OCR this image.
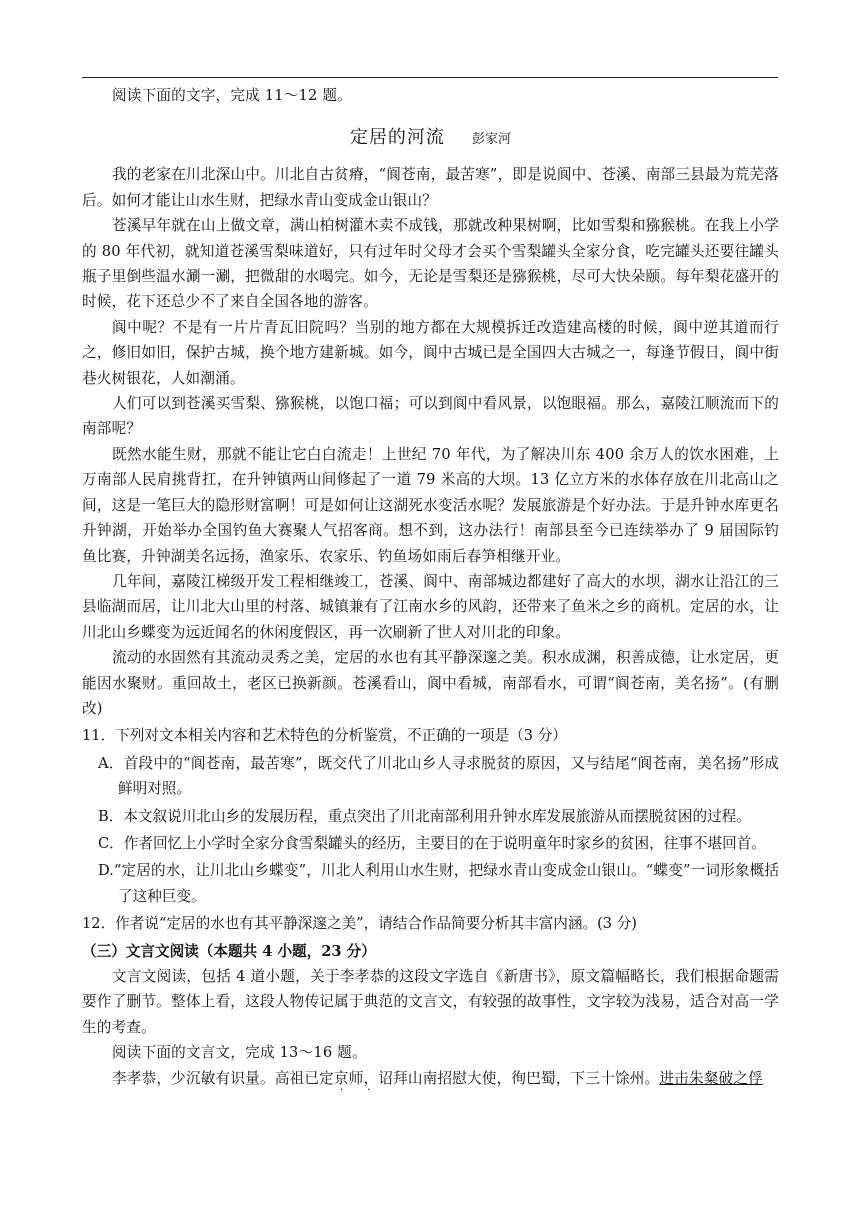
阅读下面的文字，完成 11～12 题。

定居的河流 彭家河

我的老家在川北深山中。川北自古贫瘠，“阆苍南，最苦寒”，即是说阆中、苍溪、南部三县最为荒芜落后。如何才能让山水生财，把绿水青山变成金山银山？

苍溪早年就在山上做文章，满山柏树灌木卖不成钱，那就改种果树啊，比如雪梨和猕猴桃。在我上小学的 80 年代初，就知道苍溪雪梨味道好，只有过年时父母才会买个雪梨罐头全家分食，吃完罐头还要往罐头瓶子里倒些温水涮一涮，把微甜的水喝完。如今，无论是雪梨还是猕猴桃，尽可大快朵颐。每年梨花盛开的时候，花下还总少不了来自全国各地的游客。

阆中呢？不是有一片片青瓦旧院吗？当别的地方都在大规模拆迁改造建高楼的时候，阆中逆其道而行之，修旧如旧，保护古城，换个地方建新城。如今，阆中古城已是全国四大古城之一，每逢节假日，阆中街巷火树银花，人如潮涌。

人们可以到苍溪买雪梨、猕猴桃，以饱口福；可以到阆中看风景，以饱眼福。那么，嘉陵江顺流而下的南部呢？

既然水能生财，那就不能让它白白流走！上世纪 70 年代，为了解决川东 400 余万人的饮水困难，上万南部人民肩挑背扛，在升钟镇两山间修起了一道 79 米高的大坝。13 亿立方米的水体存放在川北高山之间，这是一笔巨大的隐形财富啊！可是如何让这湖死水变活水呢？发展旅游是个好办法。于是升钟水库更名升钟湖，开始举办全国钓鱼大赛聚人气招客商。想不到，这办法行！南部县至今已连续举办了 9 届国际钓鱼比赛，升钟湖美名远扬，渔家乐、农家乐、钓鱼场如雨后春笋相继开业。

几年间，嘉陵江梯级开发工程相继竣工，苍溪、阆中、南部城边都建好了高大的水坝，湖水让沿江的三县临湖而居，让川北大山里的村落、城镇兼有了江南水乡的风韵，还带来了鱼米之乡的商机。定居的水，让川北山乡蝶变为远近闻名的休闲度假区，再一次刷新了世人对川北的印象。

流动的水固然有其流动灵秀之美，定居的水也有其平静深邃之美。积水成渊，积善成德，让水定居，更能因水聚财。重回故土，老区已换新颜。苍溪看山，阆中看城，南部看水，可谓“阆苍南，美名扬”。(有删改)

11．下列对文本相关内容和艺术特色的分析鉴赏，不正确的一项是（3 分）

A．首段中的“阆苍南，最苦寒”，既交代了川北山乡人寻求脱贫的原因，又与结尾“阆苍南，美名扬”形成鲜明对照。

B．本文叙说川北山乡的发展历程，重点突出了川北南部利用升钟水库发展旅游从而摆脱贫困的过程。

C．作者回忆上小学时全家分食雪梨罐头的经历，主要目的在于说明童年时家乡的贫困，往事不堪回首。

D.“定居的水，让川北山乡蝶变”，川北人利用山水生财，把绿水青山变成金山银山。“蝶变”一词形象概括了这种巨变。

12．作者说“定居的水也有其平静深邃之美”，请结合作品简要分析其丰富内涵。(3 分)

（三）文言文阅读（本题共 4 小题，23 分）

文言文阅读，包括 4 道小题，关于李孝恭的这段文字选自《新唐书》，原文篇幅略长，我们根据命题需要作了删节。整体上看，这段人物传记属于典范的文言文，有较强的故事性，文字较为浅易，适合对高一学生的考查。

阅读下面的文言文，完成 13～16 题。

李孝恭，少沉敏有识量。高祖已定京师，诏拜山南招慰大使，徇巴蜀，下三十馀州。进击朱粲破之俘

· ·
